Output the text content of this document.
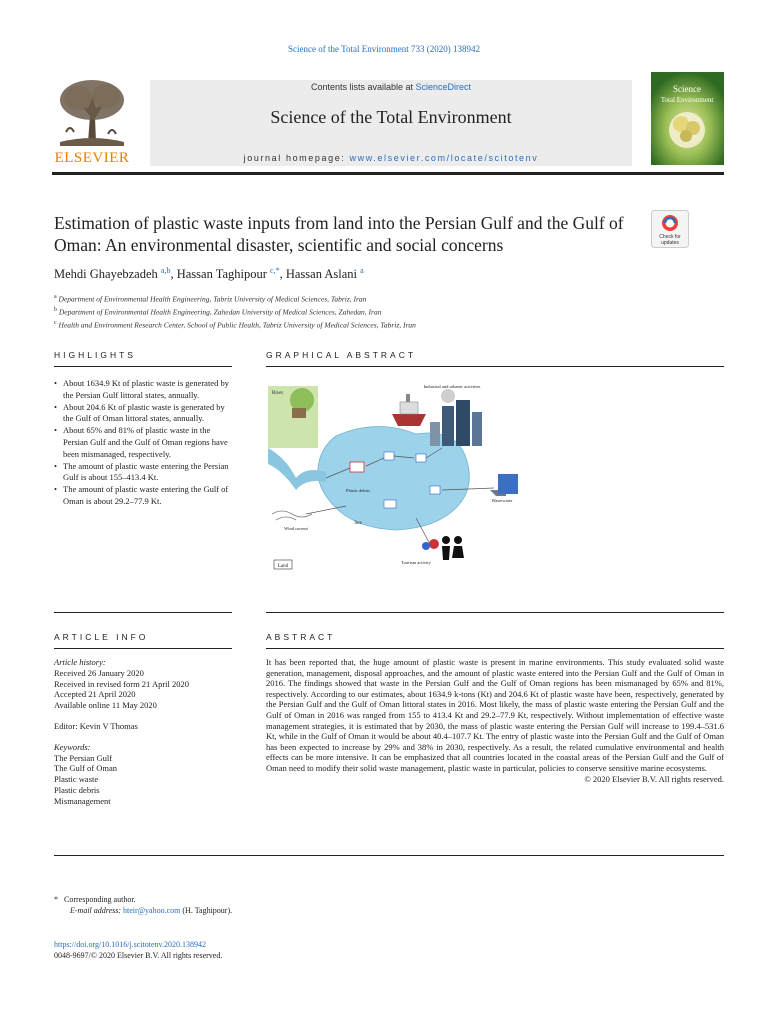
Science of the Total Environment 733 (2020) 138942
ELSEVIER
Contents lists available at ScienceDirect
Science of the Total Environment
journal homepage: www.elsevier.com/locate/scitotenv
Science
Total Environment
Estimation of plastic waste inputs from land into the Persian Gulf and the Gulf of Oman: An environmental disaster, scientific and social concerns	Check for
updates
Mehdi Ghayebzadeh $^{a,b}$, Hassan Taghipour $^{c,*}$, Hassan Aslani $^a$
$^a$ Department of Environmental Health Engineering, Tabriz University of Medical Sciences, Tabriz, Iran
$^b$ Department of Environmental Health Engineering, Zahedan University of Medical Sciences, Zahedan, Iran
$^c$ Health and Environment Research Center, School of Public Health, Tabriz University of Medical Sciences, Tabriz, Iran
HIGHLIGHTS
• About 1634.9 Kt of plastic waste is generated by the Persian Gulf littoral states, annually.
• About 204.6 Kt of plastic waste is generated by the Gulf of Oman littoral states, annually.
• About 65% and 81% of plastic waste in the Persian Gulf and the Gulf of Oman regions have been mismanaged, respectively.
• The amount of plastic waste entering the Persian Gulf is about 155–413.4 Kt.
• The amount of plastic waste entering the Gulf of Oman is about 29.2–77.9 Kt.
GRAPHICAL ABSTRACT
River
Industrial and urbanic activities
Wastewater
Plastic debris
Wind current
Sea
Tourism activity
Land
ARTICLE INFO
Article history:
Received 26 January 2020
Received in revised form 21 April 2020
Accepted 21 April 2020
Available online 11 May 2020
Editor: Kevin V Thomas
Keywords:
The Persian Gulf
The Gulf of Oman
Plastic waste
Plastic debris
Mismanagement
ABSTRACT
It has been reported that, the huge amount of plastic waste is present in marine environments. This study evaluated solid waste generation, management, disposal approaches, and the amount of plastic waste entered into the Persian Gulf and the Gulf of Oman in 2016. The findings showed that waste in the Persian Gulf and the Gulf of Oman regions has been mismanaged by 65% and 81%, respectively. According to our estimates, about 1634.9 k-tons (Kt) and 204.6 Kt of plastic waste have been, respectively, generated by the Persian Gulf and the Gulf of Oman littoral states in 2016. Most likely, the mass of plastic waste entering the Persian Gulf and the Gulf of Oman in 2016 was ranged from 155 to 413.4 Kt and 29.2–77.9 Kt, respectively. Without implementation of effective waste management strategies, it is estimated that by 2030, the mass of plastic waste entering the Persian Gulf will increase to 199.4–531.6 Kt, while in the Gulf of Oman it would be about 40.4–107.7 Kt. The entry of plastic waste into the Persian Gulf and the Gulf of Oman has been expected to increase by 29% and 38% in 2030, respectively. As a result, the related cumulative environmental and health effects can be more intensive. It can be emphasized that all countries located in the coastal areas of the Persian Gulf and the Gulf of Oman need to modify their solid waste management, plastic waste in particular, policies to conserve sensitive marine ecosystems.
© 2020 Elsevier B.V. All rights reserved.
* Corresponding author.
E-mail address: hteir@yahoo.com (H. Taghipour).
https://doi.org/10.1016/j.scitotenv.2020.138942
0048-9697/© 2020 Elsevier B.V. All rights reserved.
